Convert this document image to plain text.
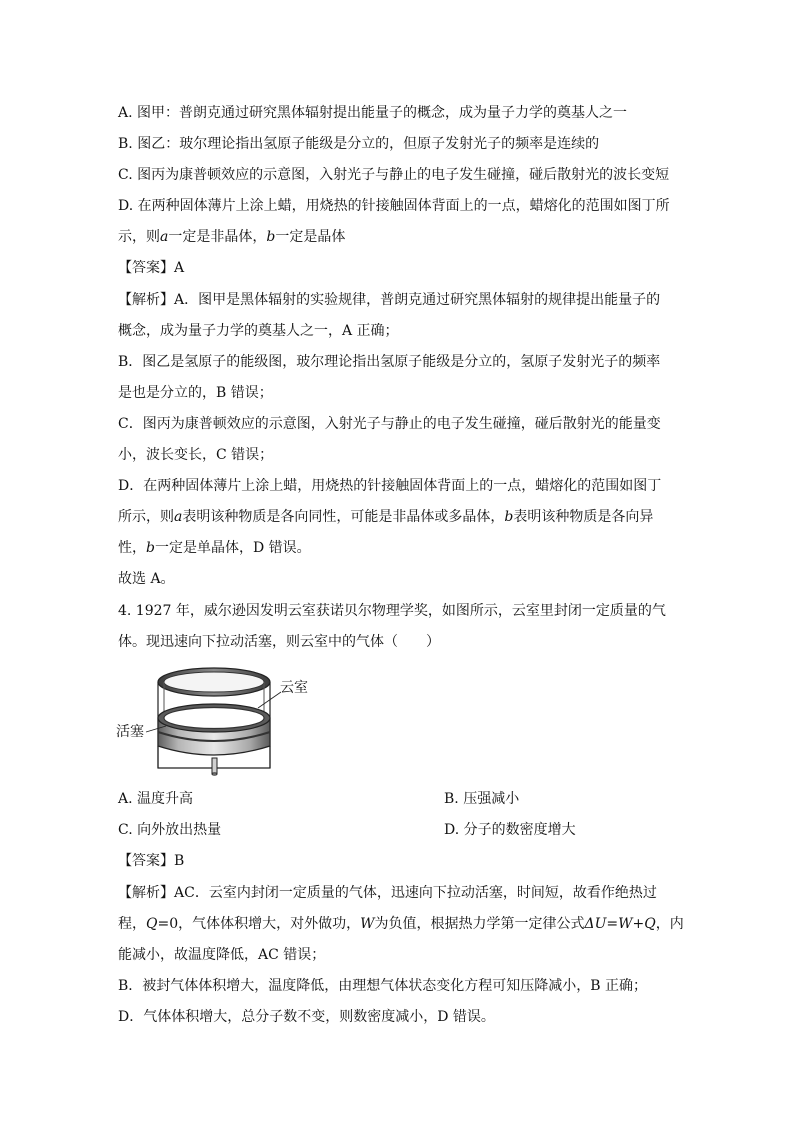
A. 图甲：普朗克通过研究黑体辐射提出能量子的概念，成为量子力学的奠基人之一
B. 图乙：玻尔理论指出氢原子能级是分立的，但原子发射光子的频率是连续的
C. 图丙为康普顿效应的示意图，入射光子与静止的电子发生碰撞，碰后散射光的波长变短
D. 在两种固体薄片上涂上蜡，用烧热的针接触固体背面上的一点，蜡熔化的范围如图丁所
示，则a一定是非晶体，b一定是晶体
【答案】A
【解析】A．图甲是黑体辐射的实验规律，普朗克通过研究黑体辐射的规律提出能量子的
概念，成为量子力学的奠基人之一，A 正确；
B．图乙是氢原子的能级图，玻尔理论指出氢原子能级是分立的，氢原子发射光子的频率
是也是分立的，B 错误；
C．图丙为康普顿效应的示意图，入射光子与静止的电子发生碰撞，碰后散射光的能量变
小，波长变长，C 错误；
D．在两种固体薄片上涂上蜡，用烧热的针接触固体背面上的一点，蜡熔化的范围如图丁
所示，则a表明该种物质是各向同性，可能是非晶体或多晶体，b表明该种物质是各向异
性，b一定是单晶体，D 错误。
故选 A。
4. 1927 年，威尔逊因发明云室获诺贝尔物理学奖，如图所示，云室里封闭一定质量的气
体。现迅速向下拉动活塞，则云室中的气体（　　）
云室
活塞
A. 温度升高	B. 压强减小
C. 向外放出热量	D. 分子的数密度增大
【答案】B
【解析】AC．云室内封闭一定质量的气体，迅速向下拉动活塞，时间短，故看作绝热过
程，Q=0，气体体积增大，对外做功，W为负值，根据热力学第一定律公式ΔU=W+Q，内
能减小，故温度降低，AC 错误；
B．被封气体体积增大，温度降低，由理想气体状态变化方程可知压降减小，B 正确；
D．气体体积增大，总分子数不变，则数密度减小，D 错误。
